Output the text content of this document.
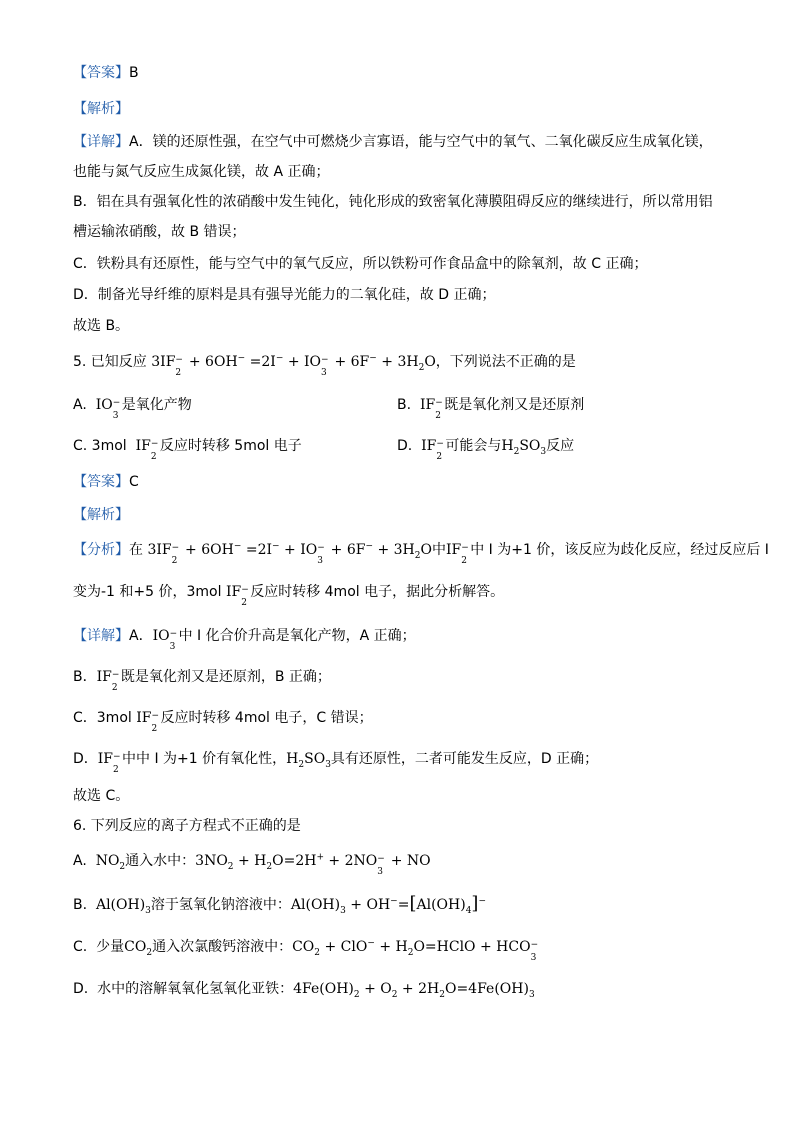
【答案】B
【解析】
【详解】A．镁的还原性强，在空气中可燃烧少言寡语，能与空气中的氧气、二氧化碳反应生成氧化镁，
也能与氮气反应生成氮化镁，故 A 正确；
B．铝在具有强氧化性的浓硝酸中发生钝化，钝化形成的致密氧化薄膜阻碍反应的继续进行，所以常用铝
槽运输浓硝酸，故 B 错误；
C．铁粉具有还原性，能与空气中的氧气反应，所以铁粉可作食品盒中的除氧剂，故 C 正确；
D．制备光导纤维的原料是具有强导光能力的二氧化硅，故 D 正确；
故选 B。
5. 已知反应 3IF −
2
+ 6OH− =2I− + IO −
3
+ $6F^- + 3H_2O$，下列说法不正确的是
A. IO −
3
是氧化产物	B. IF −
2
既是氧化剂又是还原剂
C. 3mol IF −
2
反应时转移 5mol 电子	D. IF −
2
可能会与$H_2SO_3$反应
【答案】C
【解析】
【分析】在 3IF −
2
+ 6OH− =2I− + IO −
3
+ $6F^- + 3H_2O$中IF −
2
中 I 为+1 价，该反应为歧化反应，经过反应后 I
变为-1 和+5 价，3mol IF −
2
反应时转移 4mol 电子，据此分析解答。
【详解】A．IO −
3
中 I 化合价升高是氧化产物，A 正确；
B．IF −
2
既是氧化剂又是还原剂，B 正确；
C．3mol IF −
2
反应时转移 4mol 电子，C 错误；
D．IF −
2
中中 I 为+1 价有氧化性，$H_2SO_3$具有还原性，二者可能发生反应，D 正确；
故选 C。
6. 下列反应的离子方程式不正确的是
A. $NO_2$通入水中：$3NO_2 + H_2O=2H^+ + 2NO$ −
3
+ NO
B. $Al(OH)_3$溶于氢氧化钠溶液中：$Al(OH)_3 + OH^-=[Al(OH)_4]^-$
C. 少量$CO_2$通入次氯酸钙溶液中：$CO_2 + ClO^-$ + $H_2O=HClO$ + HCO −
3
D. 水中的溶解氧氧化氢氧化亚铁：$4Fe(OH)_2 + O_2 + 2H_2O=4Fe(OH)_3$
